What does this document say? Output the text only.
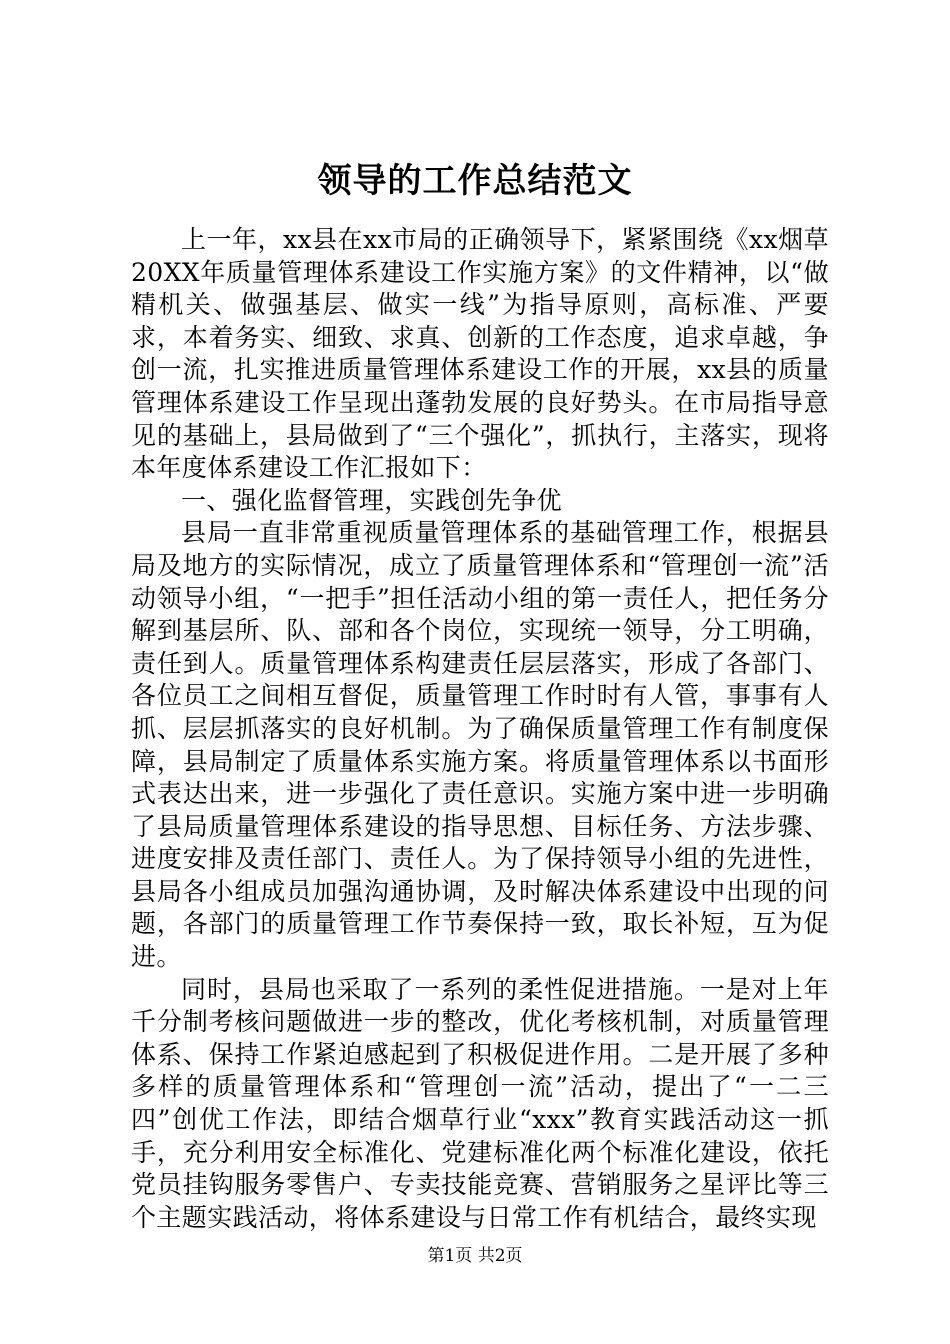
领导的工作总结范文

上一年，xx县在xx市局的正确领导下，紧紧围绕《xx烟草20XX年质量管理体系建设工作实施方案》的文件精神，以“做精机关、做强基层、做实一线”为指导原则，高标准、严要求，本着务实、细致、求真、创新的工作态度，追求卓越，争创一流，扎实推进质量管理体系建设工作的开展，xx县的质量管理体系建设工作呈现出蓬勃发展的良好势头。在市局指导意见的基础上，县局做到了“三个强化”，抓执行，主落实，现将本年度体系建设工作汇报如下：

一、强化监督管理，实践创先争优

县局一直非常重视质量管理体系的基础管理工作，根据县局及地方的实际情况，成立了质量管理体系和“管理创一流”活动领导小组，“一把手”担任活动小组的第一责任人，把任务分解到基层所、队、部和各个岗位，实现统一领导，分工明确，责任到人。质量管理体系构建责任层层落实，形成了各部门、各位员工之间相互督促，质量管理工作时时有人管，事事有人抓、层层抓落实的良好机制。为了确保质量管理工作有制度保障，县局制定了质量体系实施方案。将质量管理体系以书面形式表达出来，进一步强化了责任意识。实施方案中进一步明确了县局质量管理体系建设的指导思想、目标任务、方法步骤、进度安排及责任部门、责任人。为了保持领导小组的先进性，县局各小组成员加强沟通协调，及时解决体系建设中出现的问题，各部门的质量管理工作节奏保持一致，取长补短，互为促进。

同时，县局也采取了一系列的柔性促进措施。一是对上年千分制考核问题做进一步的整改，优化考核机制，对质量管理体系、保持工作紧迫感起到了积极促进作用。二是开展了多种多样的质量管理体系和“管理创一流”活动，提出了“一二三四”创优工作法，即结合烟草行业“xxx”教育实践活动这一抓手，充分利用安全标准化、党建标准化两个标准化建设，依托党员挂钩服务零售户、专卖技能竞赛、营销服务之星评比等三个主题实践活动，将体系建设与日常工作有机结合，最终实现

第1页 共2页
